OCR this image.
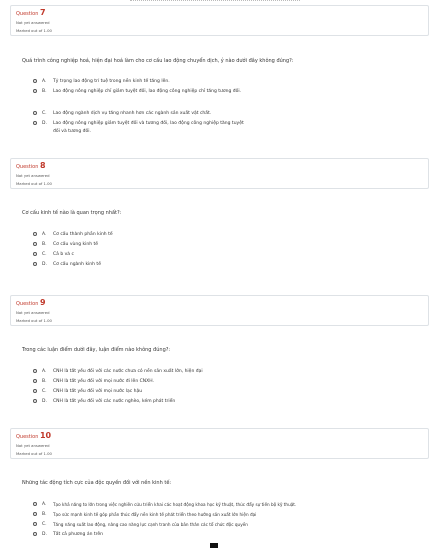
Question 7
Not yet answered
Marked out of 1.00
Quá trình công nghiệp hoá, hiện đại hoá làm cho cơ cấu lao động chuyển dịch, ý nào dưới đây không đúng?:
A.	Tỷ trọng lao động trí tuệ trong nền kinh tế tăng lên.
B.	Lao động nông nghiệp chỉ giảm tuyệt đối, lao động công nghiệp chỉ tăng tương đối.
C.	Lao động ngành dịch vụ tăng nhanh hơn các ngành sản xuất vật chất.
D.	Lao động nông nghiệp giảm tuyệt đối và tương đối, lao động công nghiệp tăng tuyệt đối và tương đối.
Question 8
Not yet answered
Marked out of 1.00
Cơ cấu kinh tế nào là quan trọng nhất?:
A.	Cơ cấu thành phần kinh tế
B.	Cơ cấu vùng kinh tế
C.	Cả b và c
D.	Cơ cấu ngành kinh tế
Question 9
Not yet answered
Marked out of 1.00
Trong các luận điểm dưới đây, luận điểm nào không đúng?:
A.	CNH là tất yếu đối với các nước chưa có nền sản xuất lớn, hiện đại
B.	CNH là tất yếu đối với mọi nước đi lên CNXH.
C.	CNH là tất yếu đối với mọi nước lạc hậu
D.	CNH là tất yếu đối với các nước nghèo, kém phát triển
Question 10
Not yet answered
Marked out of 1.00
Những tác động tích cực của độc quyền đối với nền kinh tế:
A.	Tạo khả năng to lớn trong việc nghiên cứu triển khai các hoạt động khoa học kỹ thuật, thúc đẩy sự tiến bộ kỹ thuật.
B.	Tạo sức mạnh kinh tế góp phần thúc đẩy nền kinh tế phát triển theo hướng sản xuất lớn hiện đại
C.	Tăng năng suất lao động, nâng cao năng lực cạnh tranh của bản thân các tổ chức độc quyền
D.	Tất cả phương án trên
